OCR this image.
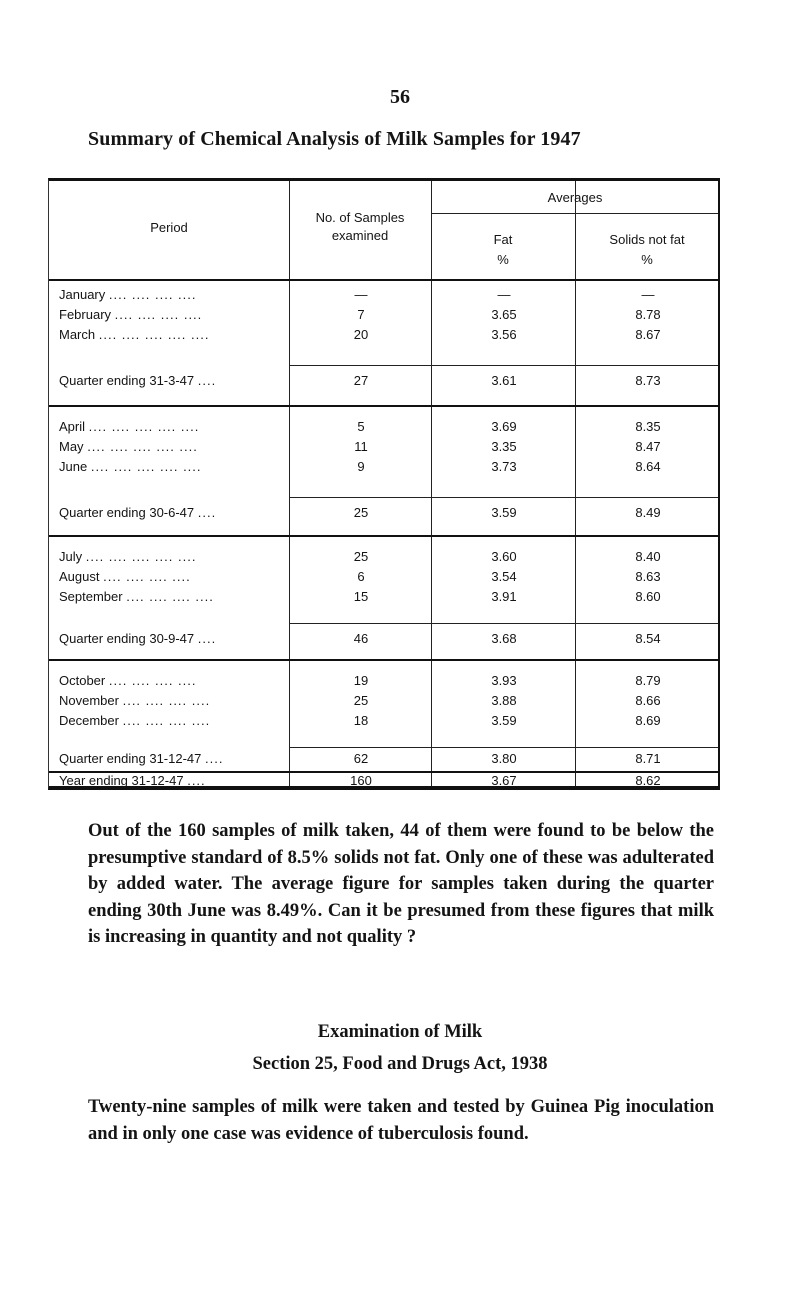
56
Summary of Chemical Analysis of Milk Samples for 1947
Period
No. of Samples examined
Averages
Fat
%
Solids not fat
%
January .... .... .... ....	—	—	—
February .... .... .... ....	7	3.65	8.78
March .... .... .... .... ....	20	3.56	8.67
Quarter ending 31-3-47 ....	27	3.61	8.73
April .... .... .... .... ....	5	3.69	8.35
May .... .... .... .... ....	11	3.35	8.47
June .... .... .... .... ....	9	3.73	8.64
Quarter ending 30-6-47 ....	25	3.59	8.49
July .... .... .... .... ....	25	3.60	8.40
August .... .... .... ....	6	3.54	8.63
September .... .... .... ....	15	3.91	8.60
Quarter ending 30-9-47 ....	46	3.68	8.54
October .... .... .... ....	19	3.93	8.79
November .... .... .... ....	25	3.88	8.66
December .... .... .... ....	18	3.59	8.69
Quarter ending 31-12-47 ....	62	3.80	8.71
Year ending 31-12-47 ....	160	3.67	8.62
Out of the 160 samples of milk taken, 44 of them were found to be below the presumptive standard of 8.5% solids not fat. Only one of these was adulterated by added water. The average figure for samples taken during the quarter ending 30th June was 8.49%. Can it be presumed from these figures that milk is increasing in quantity and not quality ?
Examination of Milk
Section 25, Food and Drugs Act, 1938
Twenty-nine samples of milk were taken and tested by Guinea Pig inoculation and in only one case was evidence of tuberculosis found.
